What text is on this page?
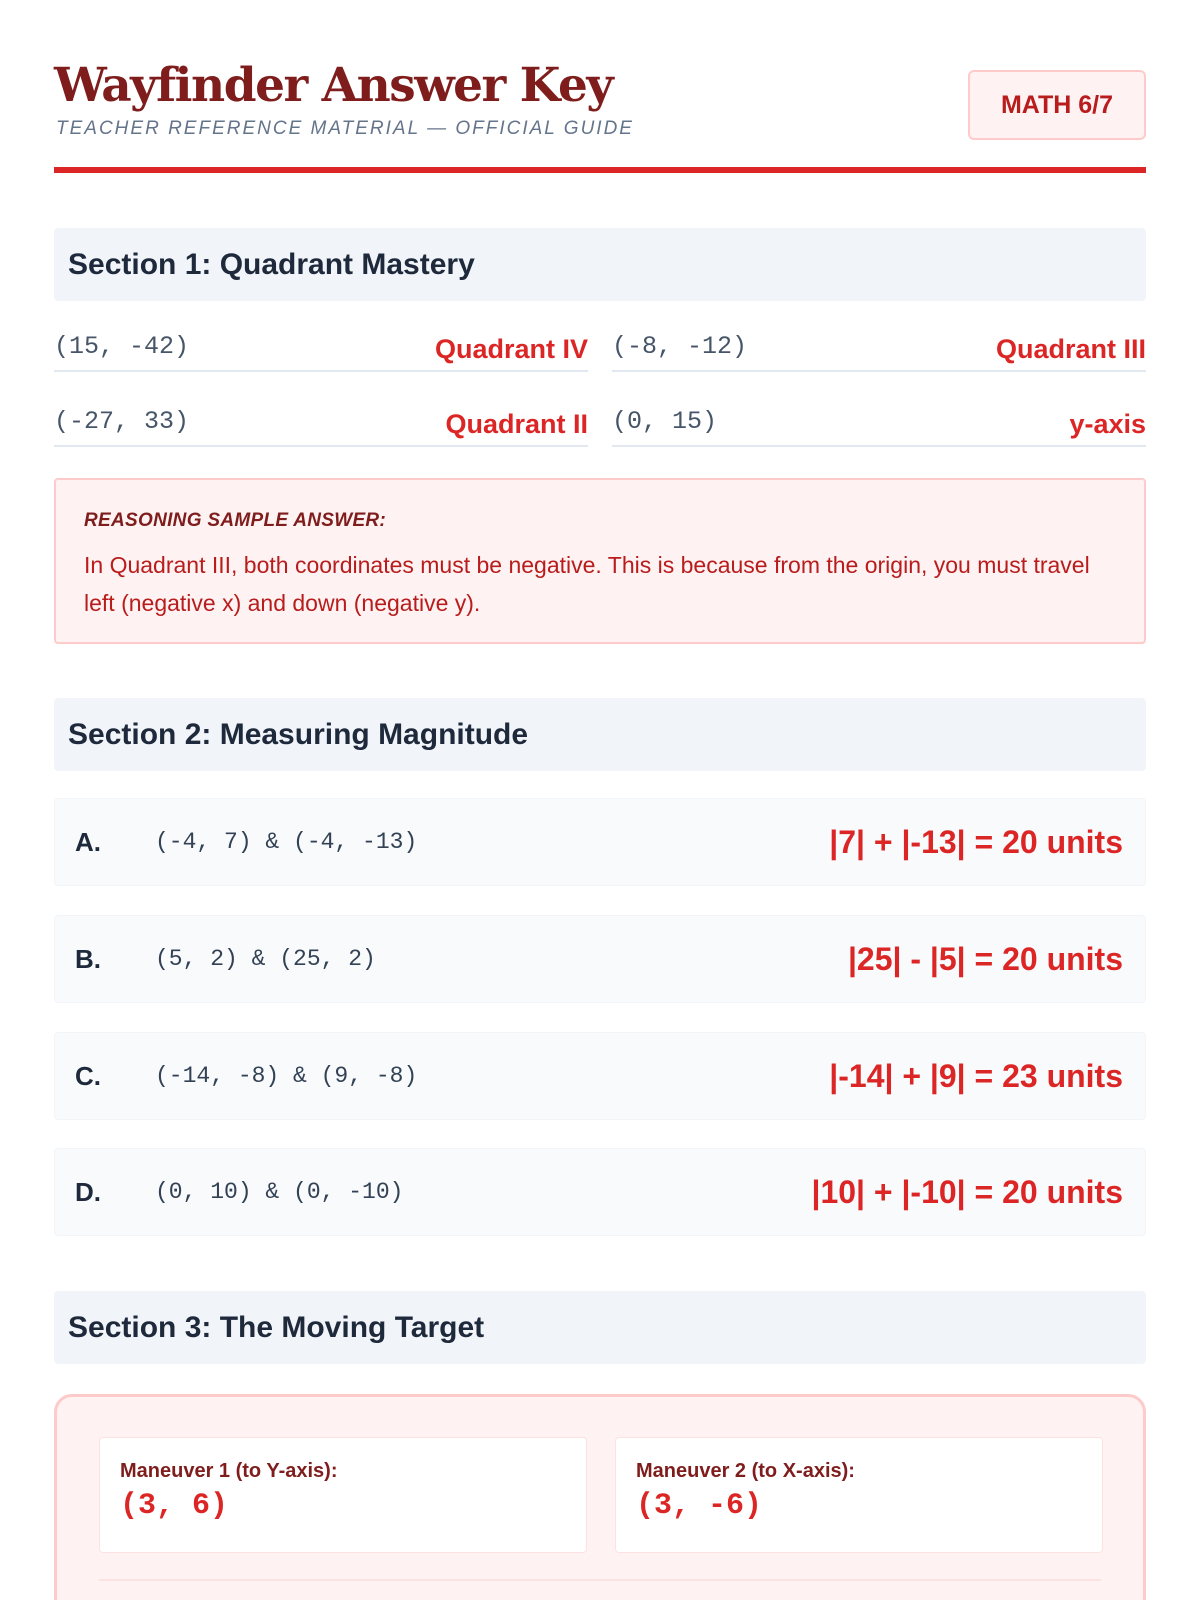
Wayfinder Answer Key
TEACHER REFERENCE MATERIAL — OFFICIAL GUIDE
MATH 6/7
Section 1: Quadrant Mastery
(15, -42)	Quadrant IV (-8, -12)	Quadrant III
(-27, 33)	Quadrant II (0, 15)	y-axis
REASONING SAMPLE ANSWER:
In Quadrant III, both coordinates must be negative. This is because from the origin, you must travel left (negative x) and down (negative y).
Section 2: Measuring Magnitude
A.	(-4, 7) & (-4, -13)	|7| + |-13| = 20 units
B.	(5, 2) & (25, 2)	|25| - |5| = 20 units
C.	(-14, -8) & (9, -8)	|-14| + |9| = 23 units
D.	(0, 10) & (0, -10)	|10| + |-10| = 20 units
Section 3: The Moving Target
Maneuver 1 (to Y-axis):
(3, 6)
Maneuver 2 (to X-axis):
(3, -6)
